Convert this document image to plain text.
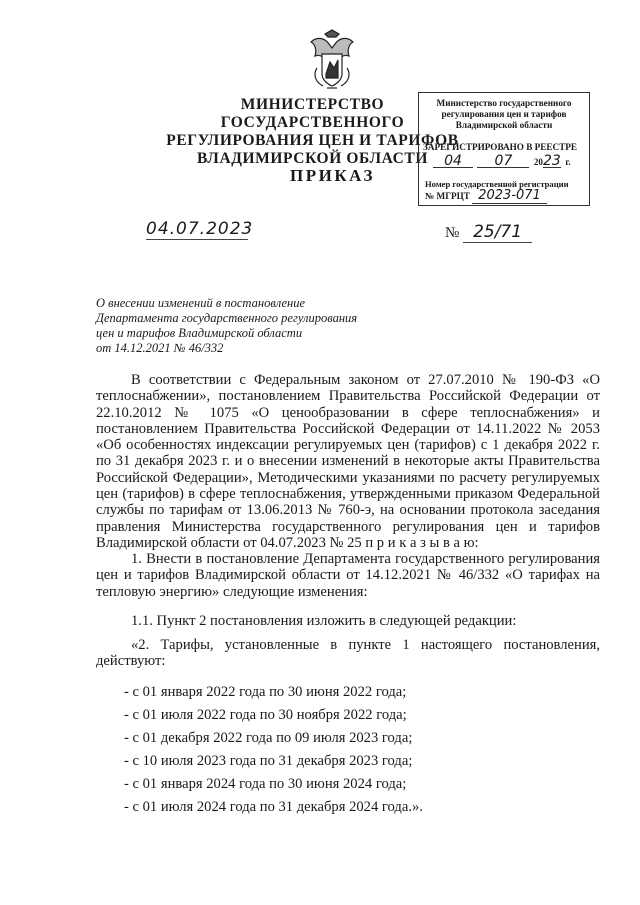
МИНИСТЕРСТВО ГОСУДАРСТВЕННОГО
РЕГУЛИРОВАНИЯ ЦЕН И ТАРИФОВ
ВЛАДИМИРСКОЙ ОБЛАСТИ
Министерство государственного
регулирования цен и тарифов
Владимирской области
ЗАРЕГИСТРИРОВАНО В РЕЕСТРЕ
04 07 2023 г.
Номер государственной регистрации
№ МГРЦТ 2023-071
ПРИКАЗ
04.07.2023	№ 25/71
О внесении изменений в постановление
Департамента государственного регулирования
цен и тарифов Владимирской области
от 14.12.2021 № 46/332
В соответствии с Федеральным законом от 27.07.2010 № 190-ФЗ «О теплоснабжении», постановлением Правительства Российской Федерации от 22.10.2012 № 1075 «О ценообразовании в сфере теплоснабжения» и постановлением Правительства Российской Федерации от 14.11.2022 № 2053 «Об особенностях индексации регулируемых цен (тарифов) с 1 декабря 2022 г. по 31 декабря 2023 г. и о внесении изменений в некоторые акты Правительства Российской Федерации», Методическими указаниями по расчету регулируемых цен (тарифов) в сфере теплоснабжения, утвержденными приказом Федеральной службы по тарифам от 13.06.2013 № 760-э, на основании протокола заседания правления Министерства государственного регулирования цен и тарифов Владимирской области от 04.07.2023 № 25 п р и к а з ы в а ю:
1. Внести в постановление Департамента государственного регулирования цен и тарифов Владимирской области от 14.12.2021 № 46/332 «О тарифах на тепловую энергию» следующие изменения:
1.1. Пункт 2 постановления изложить в следующей редакции:
«2. Тарифы, установленные в пункте 1 настоящего постановления, действуют:
- с 01 января 2022 года по 30 июня 2022 года;
- с 01 июля 2022 года по 30 ноября 2022 года;
- с 01 декабря 2022 года по 09 июля 2023 года;
- с 10 июля 2023 года по 31 декабря 2023 года;
- с 01 января 2024 года по 30 июня 2024 года;
- с 01 июля 2024 года по 31 декабря 2024 года.».
